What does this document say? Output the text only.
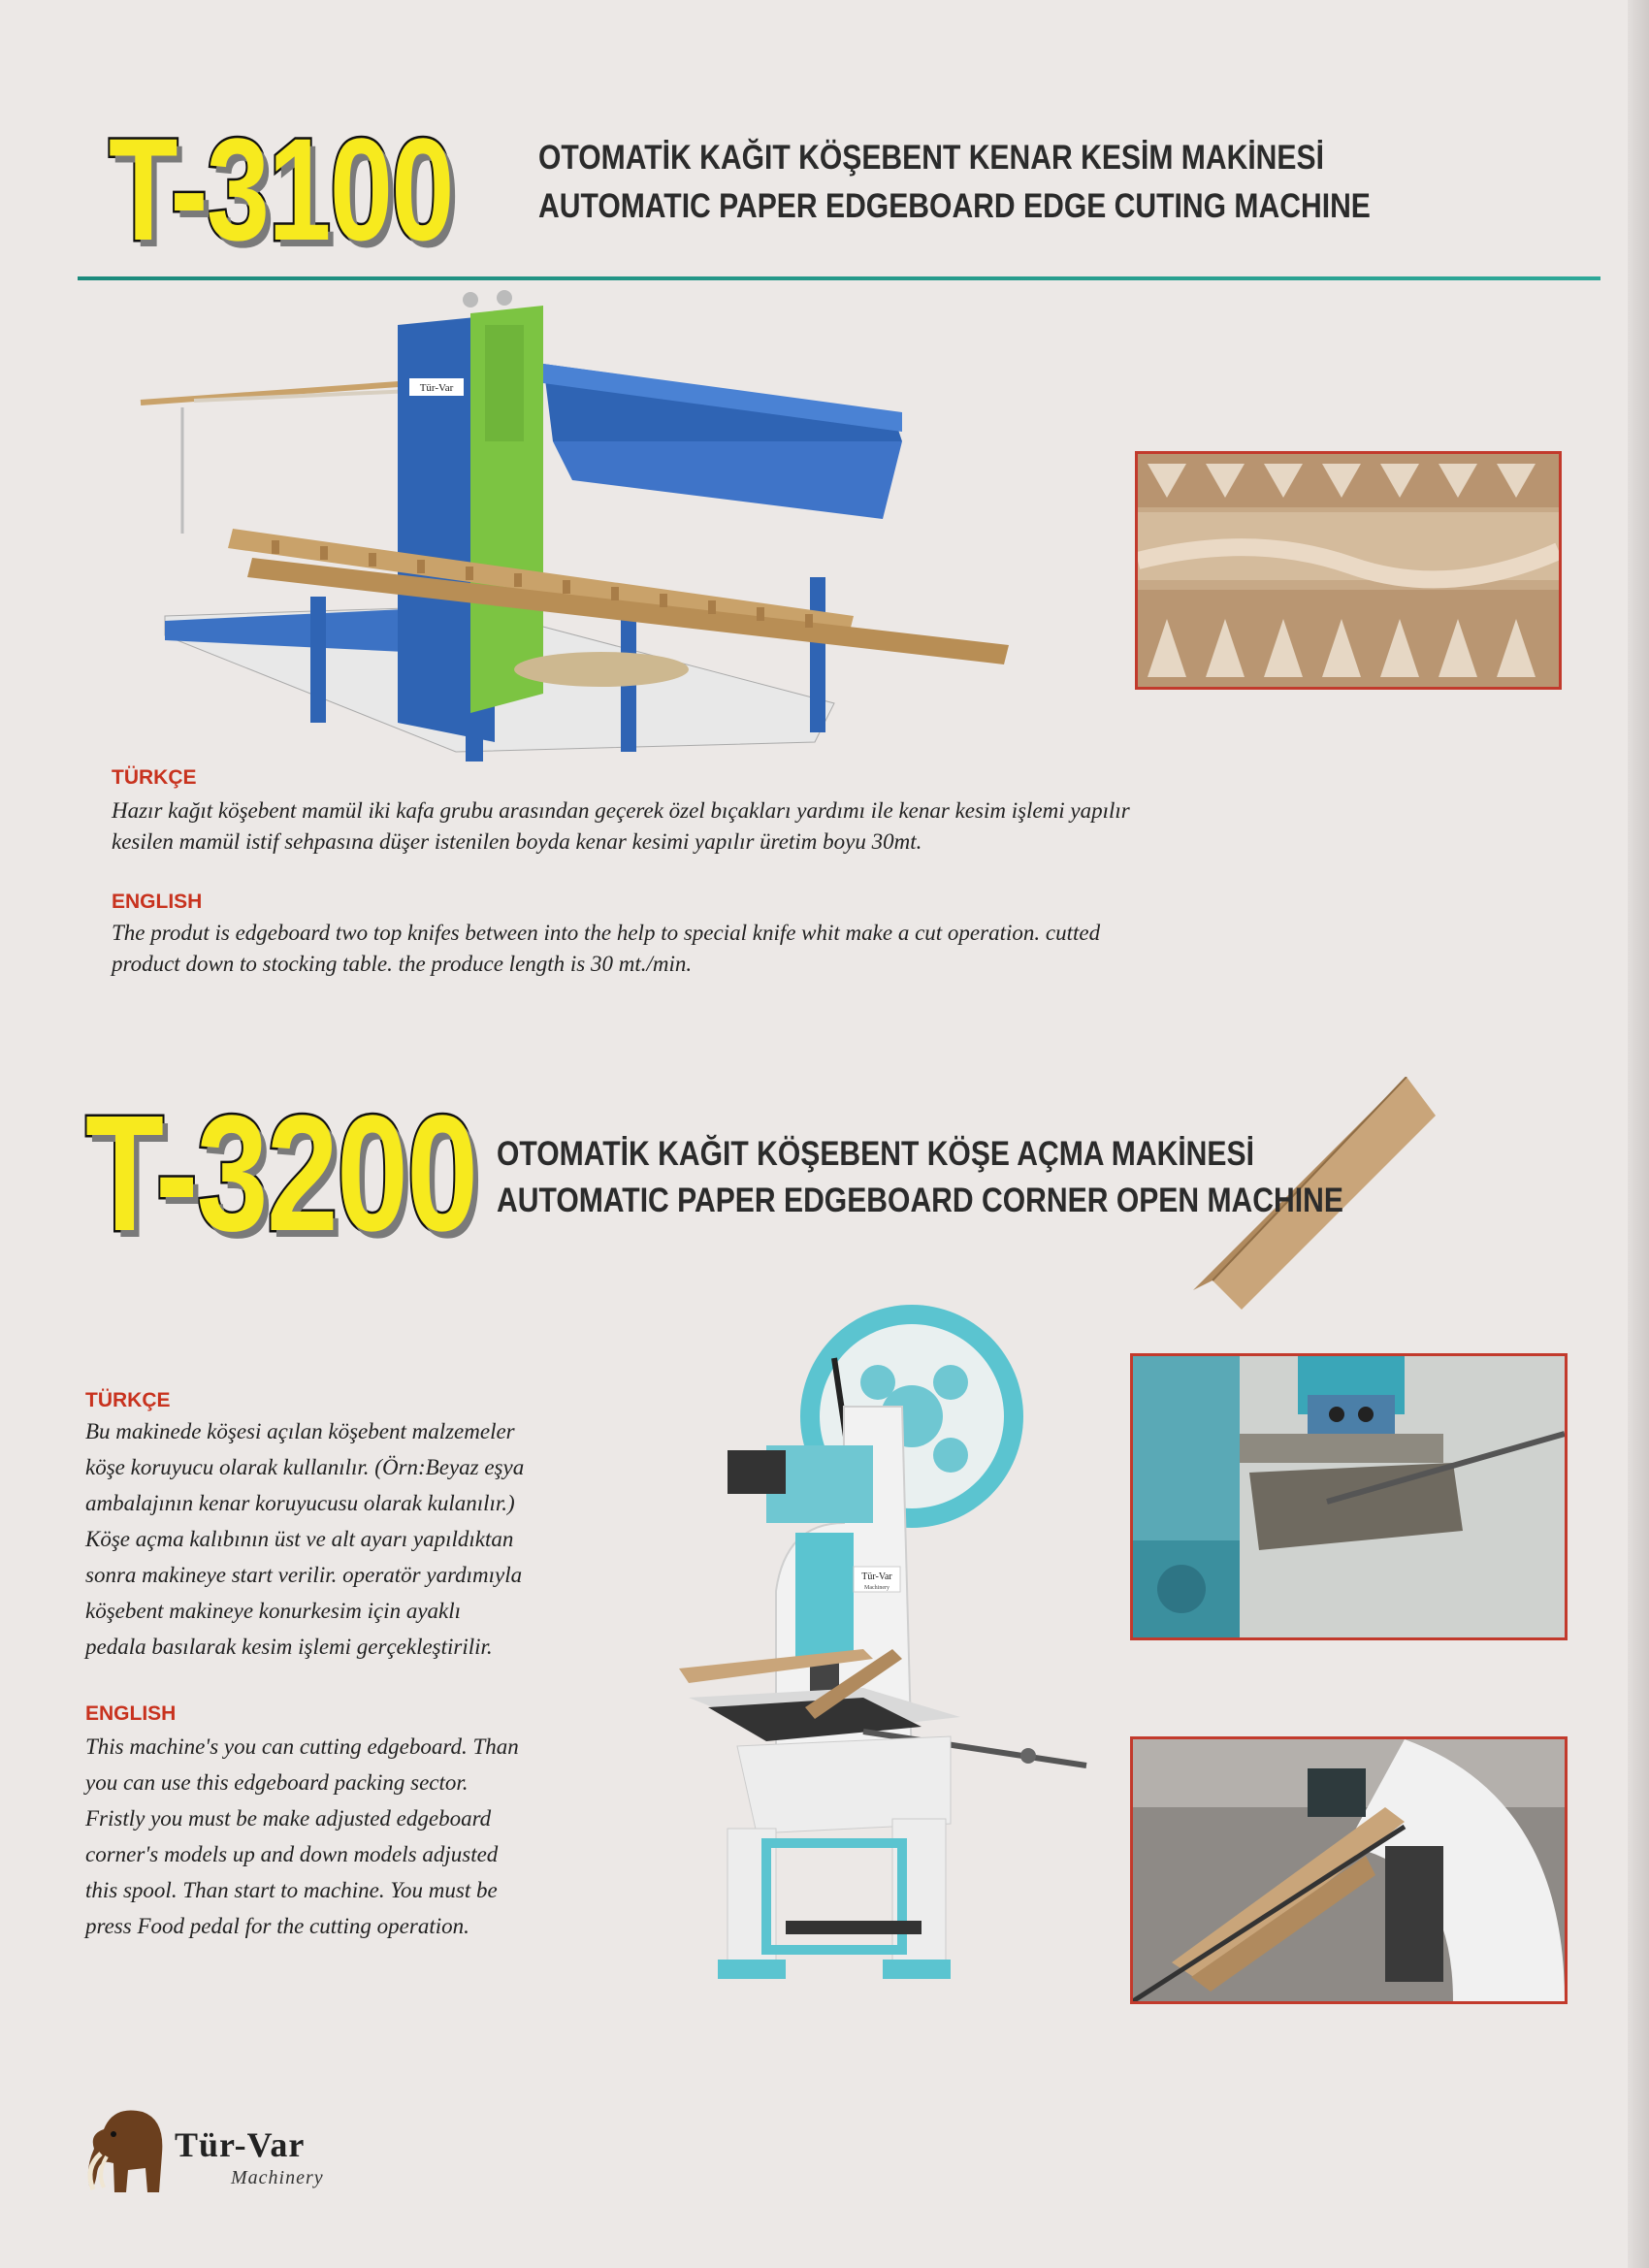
T-3100	OTOMATİK KAĞIT KÖŞEBENT KENAR KESİM MAKİNESİ
AUTOMATIC PAPER EDGEBOARD EDGE CUTING MACHINE
Tür-Var
TÜRKÇE
Hazır kağıt köşebent mamül iki kafa grubu arasından geçerek özel bıçakları yardımı ile kenar kesim işlemi yapılır
kesilen mamül istif sehpasına düşer istenilen boyda kenar kesimi yapılır üretim boyu 30mt.
ENGLISH
The produt is edgeboard two top knifes between into the help to special knife whit make a cut operation. cutted
product down to stocking table. the produce length is 30 mt./min.
T-3200 OTOMATİK KAĞIT KÖŞEBENT KÖŞE AÇMA MAKİNESİ
AUTOMATIC PAPER EDGEBOARD CORNER OPEN MACHINE
TÜRKÇE
Bu makinede köşesi açılan köşebent malzemeler
köşe koruyucu olarak kullanılır. (Örn:Beyaz eşya
ambalajının kenar koruyucusu olarak kulanılır.)
Köşe açma kalıbının üst ve alt ayarı yapıldıktan
sonra makineye start verilir. operatör yardımıyla
köşebent makineye konurkesim için ayaklı
pedala basılarak kesim işlemi gerçekleştirilir.
ENGLISH
This machine's you can cutting edgeboard. Than
you can use this edgeboard packing sector.
Fristly you must be make adjusted edgeboard
corner's models up and down models adjusted
this spool. Than start to machine. You must be
press Food pedal for the cutting operation.
Tür-Var
Machinery
Tür-Var
Machinery
